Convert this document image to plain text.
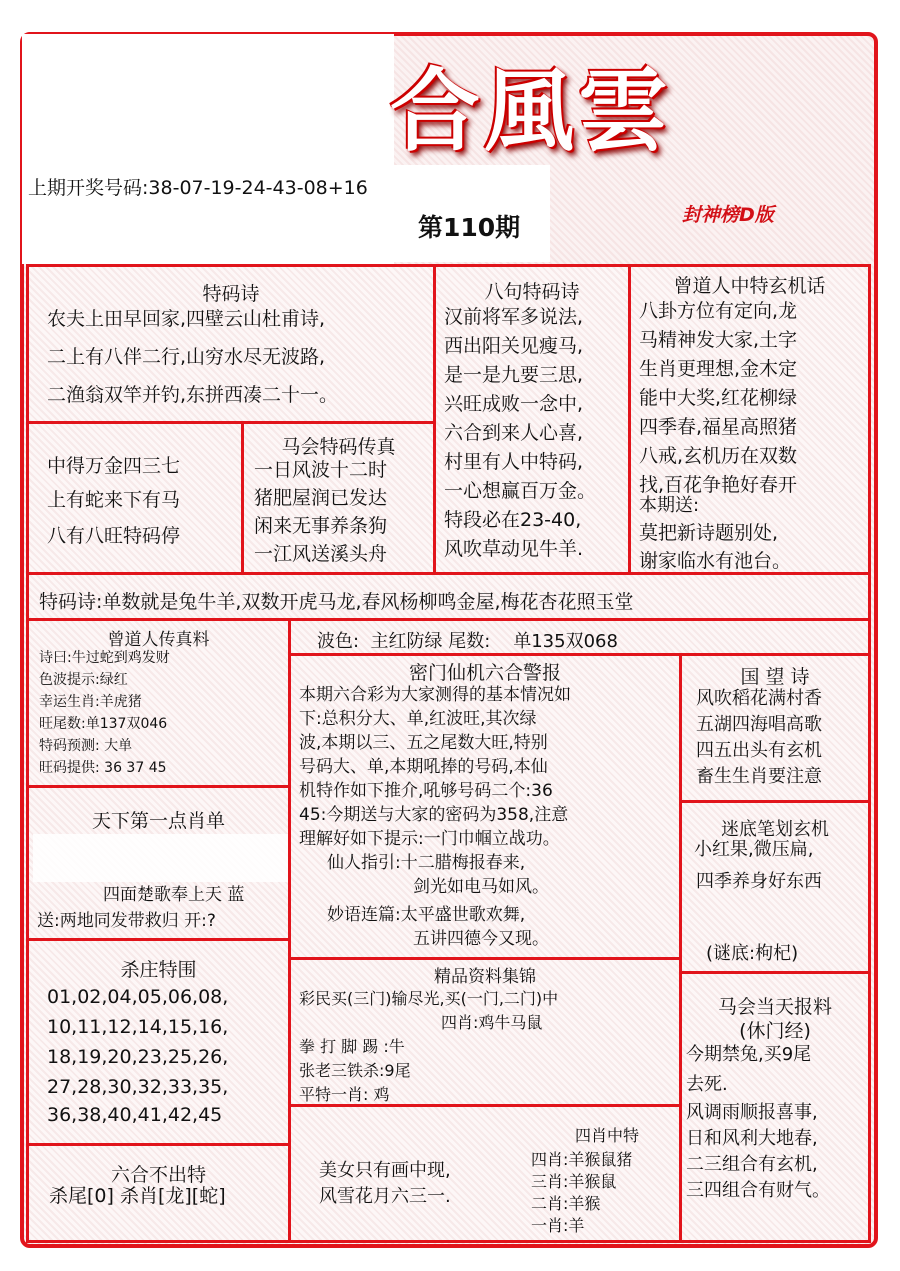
合風雲
上期开奖号码:38-07-19-24-43-08+16
第110期	封神榜D版
特码诗
农夫上田早回家,四壁云山杜甫诗,
二上有八伴二行,山穷水尽无波路,
二渔翁双竿并钓,东拼西凑二十一。
八句特码诗
汉前将军多说法,
西出阳关见瘦马,
是一是九要三思,
兴旺成败一念中,
六合到来人心喜,
村里有人中特码,
一心想赢百万金。
特段必在23-40,
风吹草动见牛羊.
曾道人中特玄机话
八卦方位有定向,龙
马精神发大家,土字
生肖更理想,金木定
能中大奖,红花柳绿
四季春,福星高照猪
八戒,玄机历在双数
找,百花争艳好春开
本期送:
莫把新诗题别处,
谢家临水有池台。
中得万金四三七
上有蛇来下有马
八有八旺特码停
马会特码传真
一日风波十二时
猪肥屋润已发达
闲来无事养条狗
一江风送溪头舟
特码诗:单数就是兔牛羊,双数开虎马龙,春风杨柳鸣金屋,梅花杏花照玉堂
曾道人传真料
诗曰:牛过蛇到鸡发财
色波提示:绿红
幸运生肖:羊虎猪
旺尾数:单137双046
特码预测: 大单
旺码提供: 36 37 45
天下第一点肖单
四面楚歌奉上天 蓝
送:两地同发带救归 开:?
杀庄特围
01,02,04,05,06,08,
10,11,12,14,15,16,
18,19,20,23,25,26,
27,28,30,32,33,35,
36,38,40,41,42,45
六合不出特
杀尾[0] 杀肖[龙][蛇]
波色: 主红防绿 尾数: 单135双068
密门仙机六合警报
本期六合彩为大家测得的基本情况如
下:总积分大、单,红波旺,其次绿
波,本期以三、五之尾数大旺,特别
号码大、单,本期吼捧的号码,本仙
机特作如下推介,吼够号码二个:36
45:今期送与大家的密码为358,注意
理解好如下提示:一门巾帼立战功。
仙人指引:十二腊梅报春来,
剑光如电马如风。
妙语连篇:太平盛世歌欢舞,
五讲四德今又现。
精品资料集锦
彩民买(三门)输尽光,买(一门,二门)中
四肖:鸡牛马鼠
拳 打 脚 踢 :牛
张老三铁杀:9尾
平特一肖: 鸡
美女只有画中现,
风雪花月六三一.
四肖中特
四肖:羊猴鼠猪
三肖:羊猴鼠
二肖:羊猴
一肖:羊
国 望 诗
风吹稻花满村香
五湖四海唱高歌
四五出头有玄机
畜生生肖要注意
迷底笔划玄机
小红果,微压扁,
四季养身好东西
(谜底:枸杞)
马会当天报料
(休门经)
今期禁兔,买9尾
去死.
风调雨顺报喜事,
日和风利大地春,
二三组合有玄机,
三四组合有财气。
